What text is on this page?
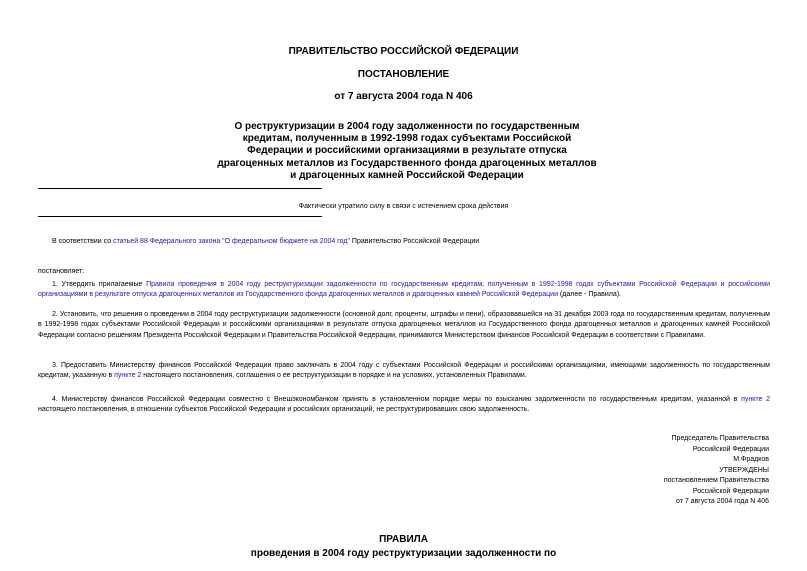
ПРАВИТЕЛЬСТВО РОССИЙСКОЙ ФЕДЕРАЦИИ
ПОСТАНОВЛЕНИЕ
от 7 августа 2004 года N 406
О реструктуризации в 2004 году задолженности по государственным
кредитам, полученным в 1992-1998 годах субъектами Российской
Федерации и российскими организациями в результате отпуска
драгоценных металлов из Государственного фонда драгоценных металлов
и драгоценных камней Российской Федерации
Фактически утратило силу в связи с истечением срока действия
В соответствии со статьей 88 Федерального закона "О федеральном бюджете на 2004 год" Правительство Российской Федерации
постановляет:
1. Утвердить прилагаемые Правила проведения в 2004 году реструктуризации задолженности по государственным кредитам, полученным в 1992-1998 годах субъектами Российской Федерации и российскими организациями в результате отпуска драгоценных металлов из Государственного фонда драгоценных металлов и драгоценных камней Российской Федерации (далее - Правила).
2. Установить, что решения о проведении в 2004 году реструктуризации задолженности (основной долг, проценты, штрафы и пени), образовавшейся на 31 декабря 2003 года по государственным кредитам, полученным в 1992-1998 годах субъектами Российской Федерации и российскими организациями в результате отпуска драгоценных металлов из Государственного фонда драгоценных металлов и драгоценных камней Российской Федерации согласно решениям Президента Российской Федерации и Правительства Российской Федерации, принимаются Министерством финансов Российской Федерации в соответствии с Правилами.
3. Предоставить Министерству финансов Российской Федерации право заключать в 2004 году с субъектами Российской Федерации и российскими организациями, имеющими задолженность по государственным кредитам, указанную в пункте 2 настоящего постановления, соглашения о ее реструктуризации в порядке и на условиях, установленных Правилами.
4. Министерству финансов Российской Федерации совместно с Внешэкономбанком принять в установленном порядке меры по взысканию задолженности по государственным кредитам, указанной в пункте 2 настоящего постановления, в отношении субъектов Российской Федерации и российских организаций, не реструктурировавших свою задолженность.
Председатель Правительства
Российской Федерации
М.Фрадков
УТВЕРЖДЕНЫ
постановлением Правительства
Российской Федерации
от 7 августа 2004 года N 406
ПРАВИЛА
проведения в 2004 году реструктуризации задолженности по
